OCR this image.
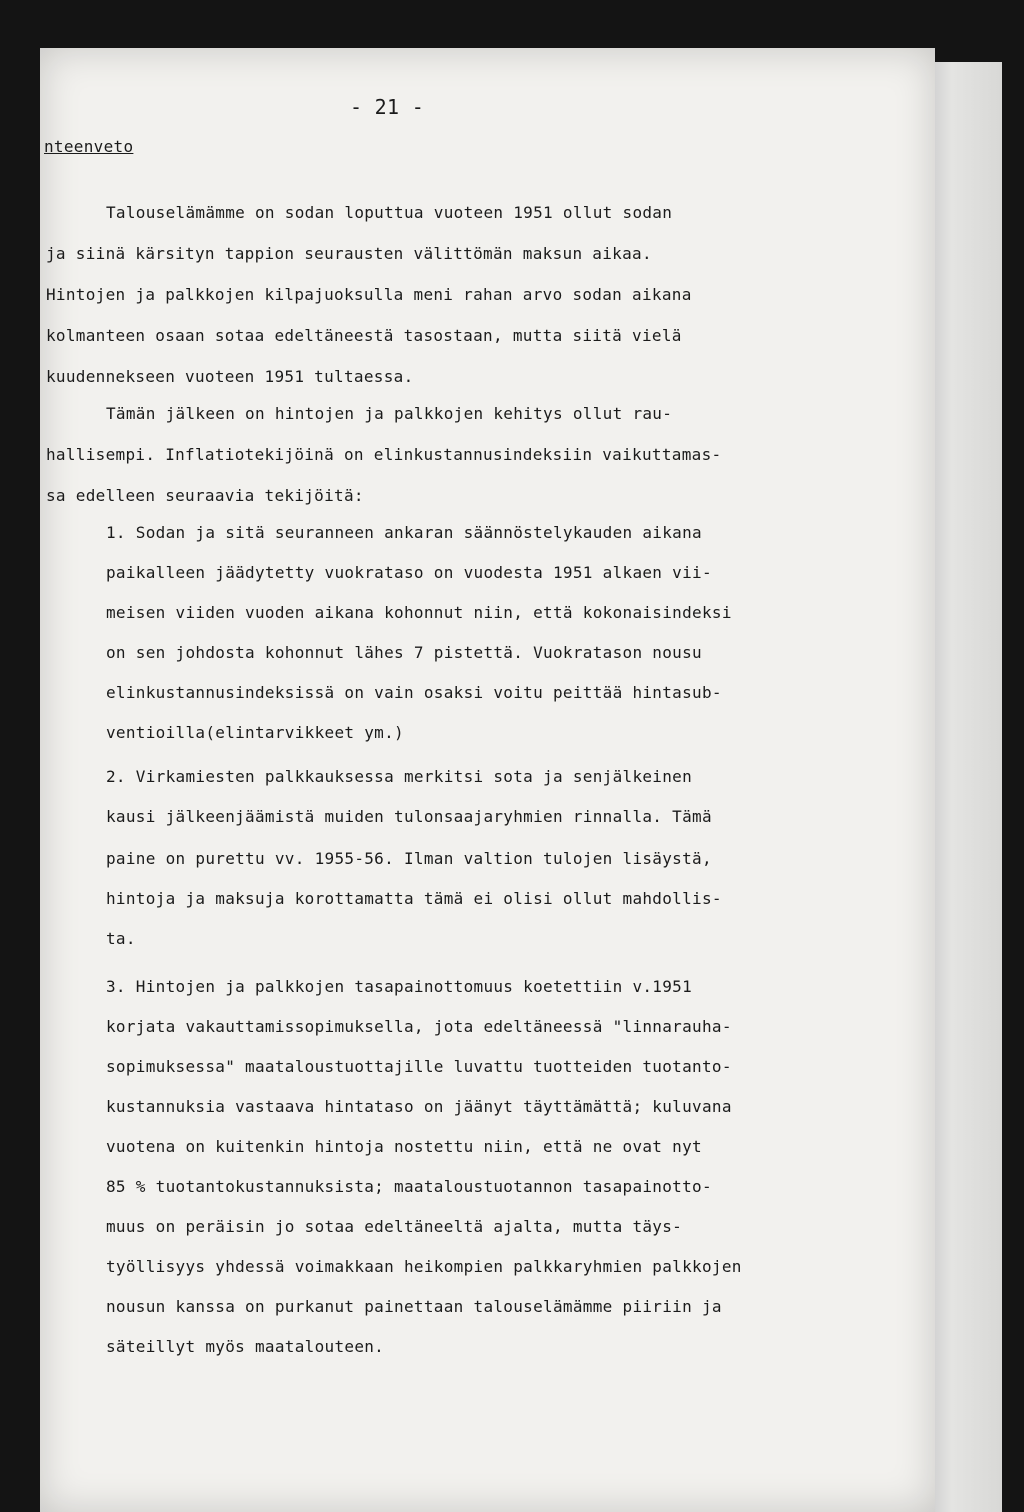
- 21 -
nteenveto
Talouselämämme on sodan loputtua vuoteen 1951 ollut sodan
ja siinä kärsityn tappion seurausten välittömän maksun aikaa.
Hintojen ja palkkojen kilpajuoksulla meni rahan arvo sodan aikana
kolmanteen osaan sotaa edeltäneestä tasostaan, mutta siitä vielä
kuudennekseen vuoteen 1951 tultaessa.
Tämän jälkeen on hintojen ja palkkojen kehitys ollut rau-
hallisempi. Inflatiotekijöinä on elinkustannusindeksiin vaikuttamas-
sa edelleen seuraavia tekijöitä:
1. Sodan ja sitä seuranneen ankaran säännöstelykauden aikana
paikalleen jäädytetty vuokrataso on vuodesta 1951 alkaen vii-
meisen viiden vuoden aikana kohonnut niin, että kokonaisindeksi
on sen johdosta kohonnut lähes 7 pistettä. Vuokratason nousu
elinkustannusindeksissä on vain osaksi voitu peittää hintasub-
ventioilla(elintarvikkeet ym.)
2. Virkamiesten palkkauksessa merkitsi sota ja senjälkeinen
kausi jälkeenjäämistä muiden tulonsaajaryhmien rinnalla. Tämä
paine on purettu vv. 1955-56. Ilman valtion tulojen lisäystä,
hintoja ja maksuja korottamatta tämä ei olisi ollut mahdollis-
ta.
3. Hintojen ja palkkojen tasapainottomuus koetettiin v.1951
korjata vakauttamissopimuksella, jota edeltäneessä "linnarauha-
sopimuksessa" maataloustuottajille luvattu tuotteiden tuotanto-
kustannuksia vastaava hintataso on jäänyt täyttämättä; kuluvana
vuotena on kuitenkin hintoja nostettu niin, että ne ovat nyt
85 % tuotantokustannuksista; maataloustuotannon tasapainotto-
muus on peräisin jo sotaa edeltäneeltä ajalta, mutta täys-
työllisyys yhdessä voimakkaan heikompien palkkaryhmien palkkojen
nousun kanssa on purkanut painettaan talouselämämme piiriin ja
säteillyt myös maatalouteen.
